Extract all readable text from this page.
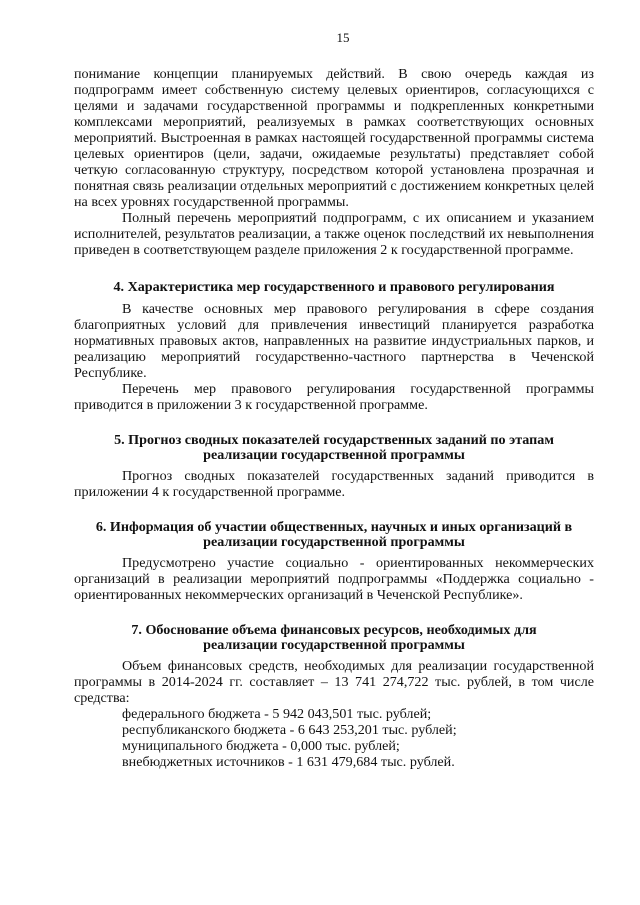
15

понимание концепции планируемых действий. В свою очередь каждая из подпрограмм имеет собственную систему целевых ориентиров, согласующихся с целями и задачами государственной программы и подкрепленных конкретными комплексами мероприятий, реализуемых в рамках соответствующих основных мероприятий. Выстроенная в рамках настоящей государственной программы система целевых ориентиров (цели, задачи, ожидаемые результаты) представляет собой четкую согласованную структуру, посредством которой установлена прозрачная и понятная связь реализации отдельных мероприятий с достижением конкретных целей на всех уровнях государственной программы.

Полный перечень мероприятий подпрограмм, с их описанием и указанием исполнителей, результатов реализации, а также оценок последствий их невыполнения приведен в соответствующем разделе приложения 2 к государственной программе.

4. Характеристика мер государственного и правового регулирования

В качестве основных мер правового регулирования в сфере создания благоприятных условий для привлечения инвестиций планируется разработка нормативных правовых актов, направленных на развитие индустриальных парков, и реализацию мероприятий государственно-частного партнерства в Чеченской Республике.

Перечень мер правового регулирования государственной программы приводится в приложении 3 к государственной программе.

5. Прогноз сводных показателей государственных заданий по этапам реализации государственной программы

Прогноз сводных показателей государственных заданий приводится в приложении 4 к государственной программе.

6. Информация об участии общественных, научных и иных организаций в реализации государственной программы

Предусмотрено участие социально - ориентированных некоммерческих организаций в реализации мероприятий подпрограммы «Поддержка социально - ориентированных некоммерческих организаций в Чеченской Республике».

7. Обоснование объема финансовых ресурсов, необходимых для реализации государственной программы

Объем финансовых средств, необходимых для реализации государственной программы в 2014-2024 гг. составляет – 13 741 274,722 тыс. рублей, в том числе средства:

федерального бюджета - 5 942 043,501 тыс. рублей;
республиканского бюджета - 6 643 253,201 тыс. рублей;
муниципального бюджета - 0,000 тыс. рублей;
внебюджетных источников - 1 631 479,684 тыс. рублей.
